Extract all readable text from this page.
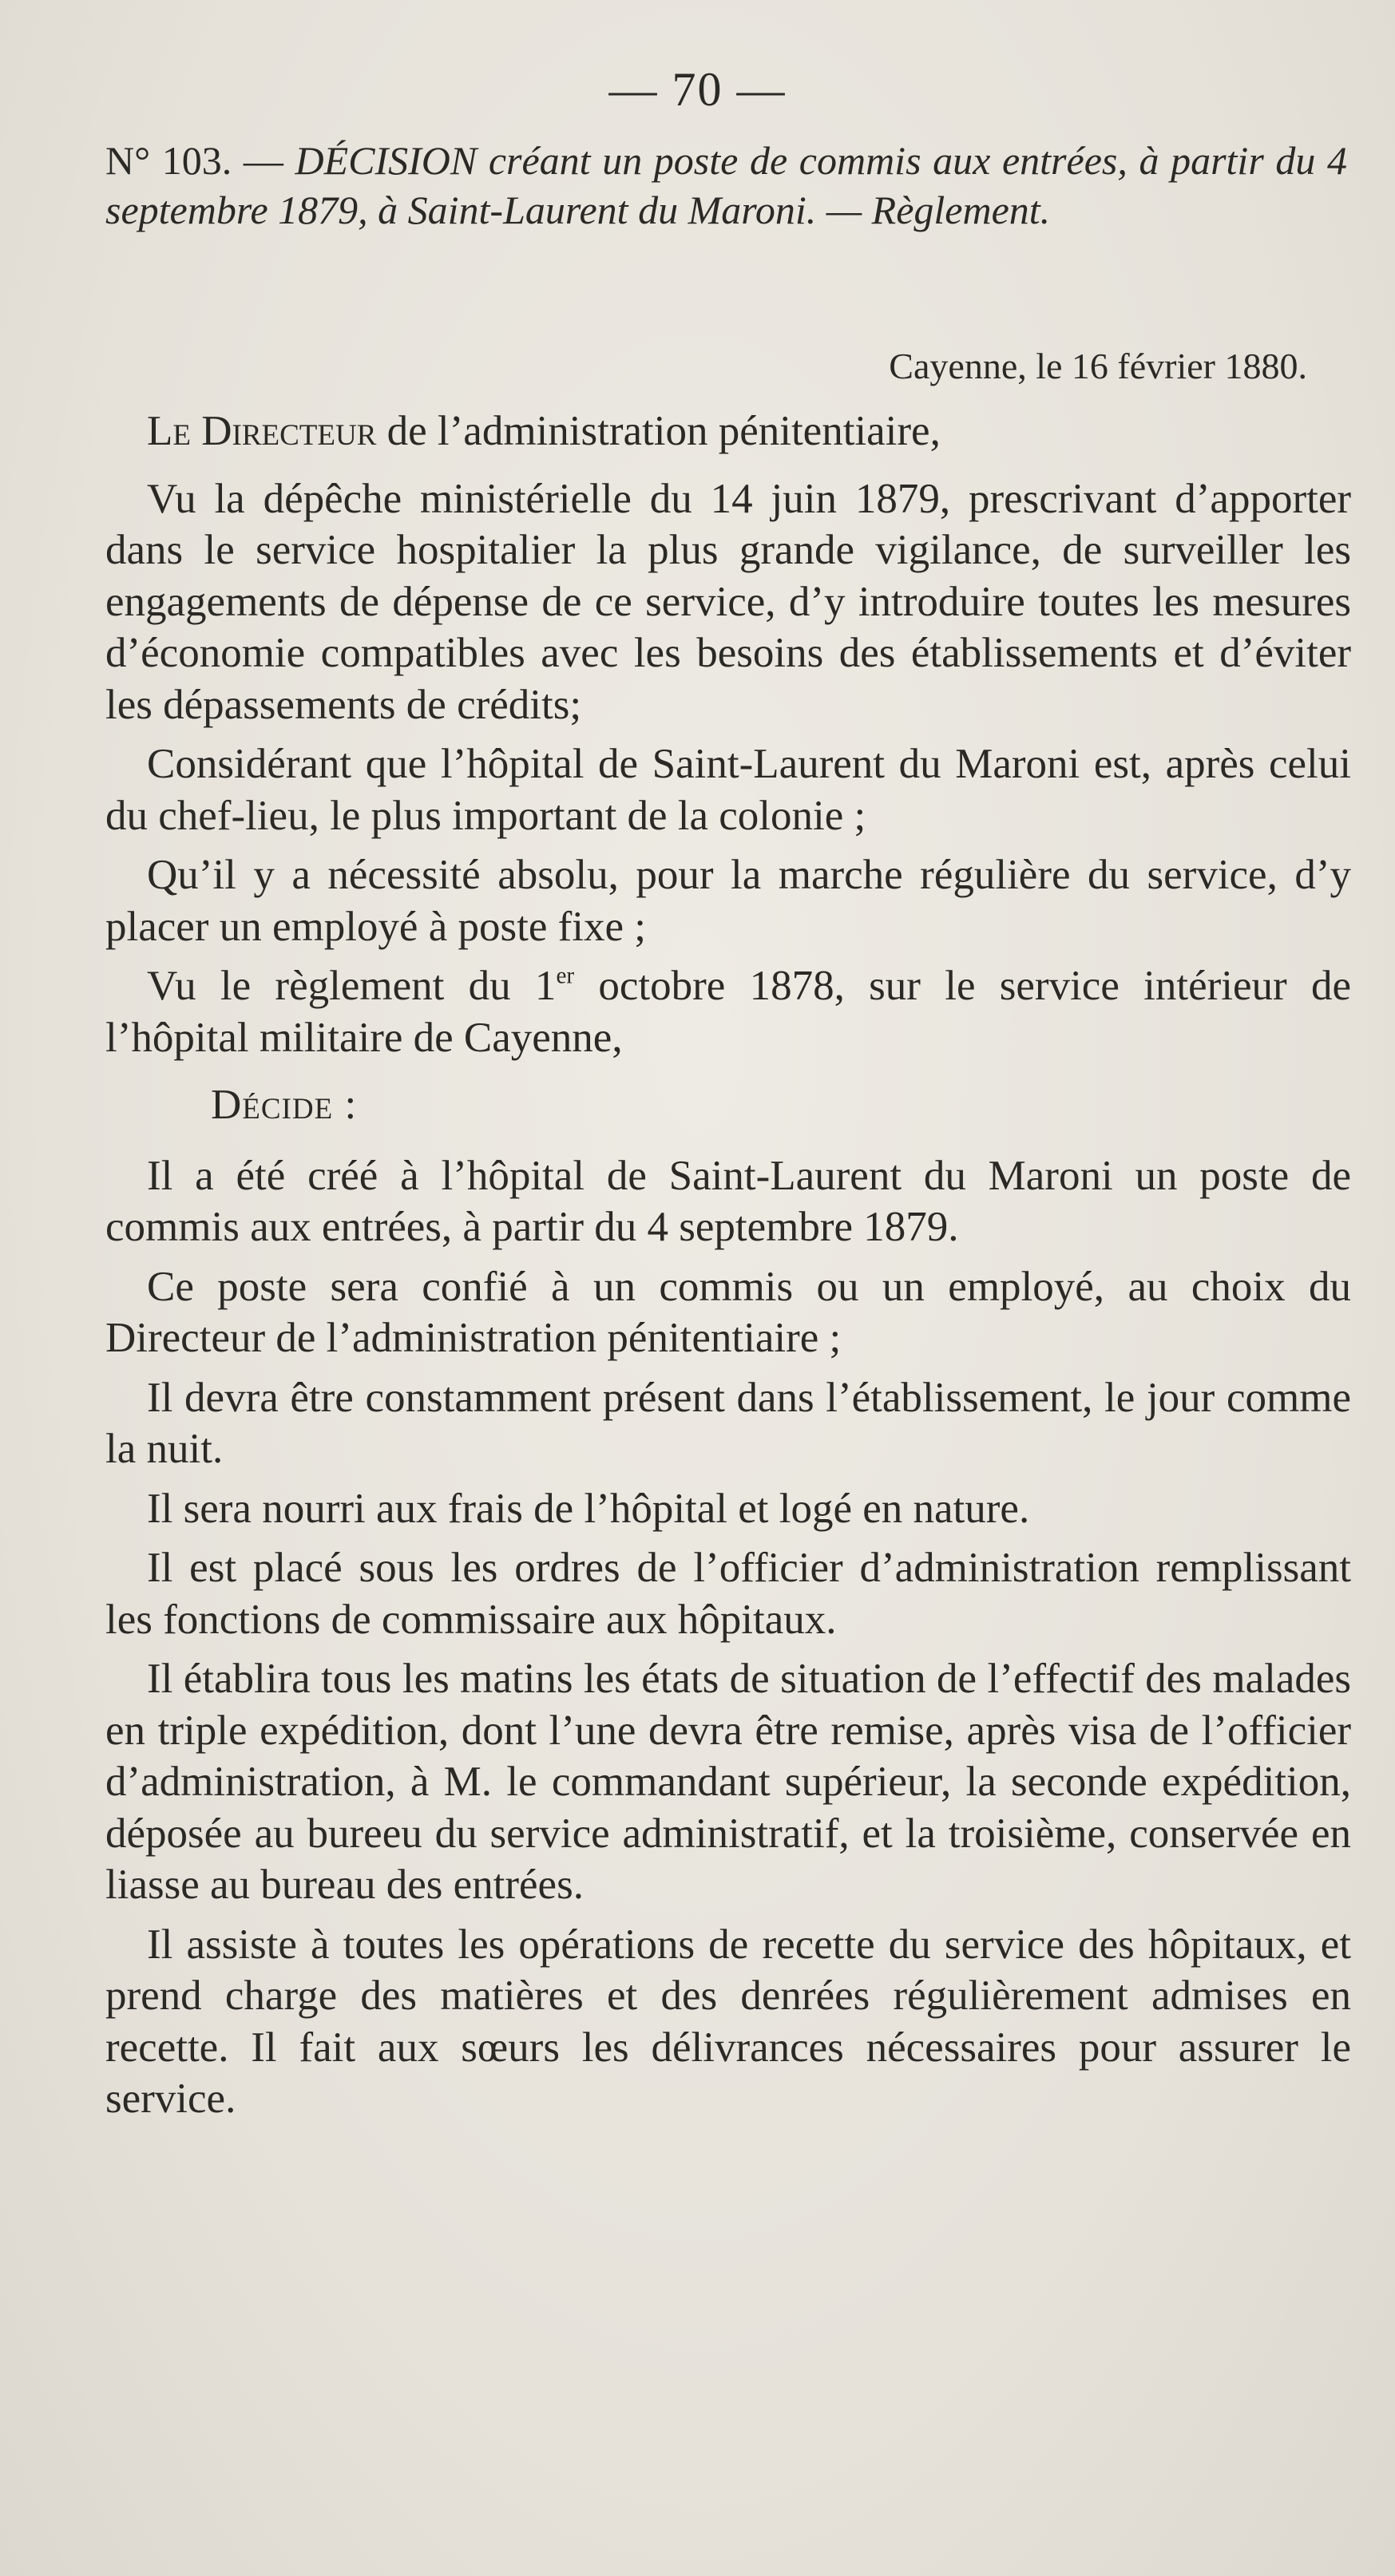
— 70 —

N° 103. — DÉCISION créant un poste de commis aux entrées, à partir du 4 septembre 1879, à Saint-Laurent du Maroni. — Règlement.

Cayenne, le 16 février 1880.

Le Directeur de l’administration pénitentiaire,

Vu la dépêche ministérielle du 14 juin 1879, prescrivant d’apporter dans le service hospitalier la plus grande vigilance, de surveiller les engagements de dépense de ce service, d’y introduire toutes les mesures d’économie compatibles avec les besoins des établissements et d’éviter les dépassements de crédits;

Considérant que l’hôpital de Saint-Laurent du Maroni est, après celui du chef-lieu, le plus important de la colonie ;

Qu’il y a nécessité absolu, pour la marche régulière du service, d’y placer un employé à poste fixe ;

Vu le règlement du 1er octobre 1878, sur le service intérieur de l’hôpital militaire de Cayenne,

Décide :

Il a été créé à l’hôpital de Saint-Laurent du Maroni un poste de commis aux entrées, à partir du 4 septembre 1879.

Ce poste sera confié à un commis ou un employé, au choix du Directeur de l’administration pénitentiaire ;

Il devra être constamment présent dans l’établissement, le jour comme la nuit.

Il sera nourri aux frais de l’hôpital et logé en nature.

Il est placé sous les ordres de l’officier d’administration remplissant les fonctions de commissaire aux hôpitaux.

Il établira tous les matins les états de situation de l’effectif des malades en triple expédition, dont l’une devra être remise, après visa de l’officier d’administration, à M. le commandant supérieur, la seconde expédition, déposée au bureeu du service administratif, et la troisième, conservée en liasse au bureau des entrées.

Il assiste à toutes les opérations de recette du service des hôpitaux, et prend charge des matières et des denrées régulièrement admises en recette. Il fait aux sœurs les délivrances nécessaires pour assurer le service.
